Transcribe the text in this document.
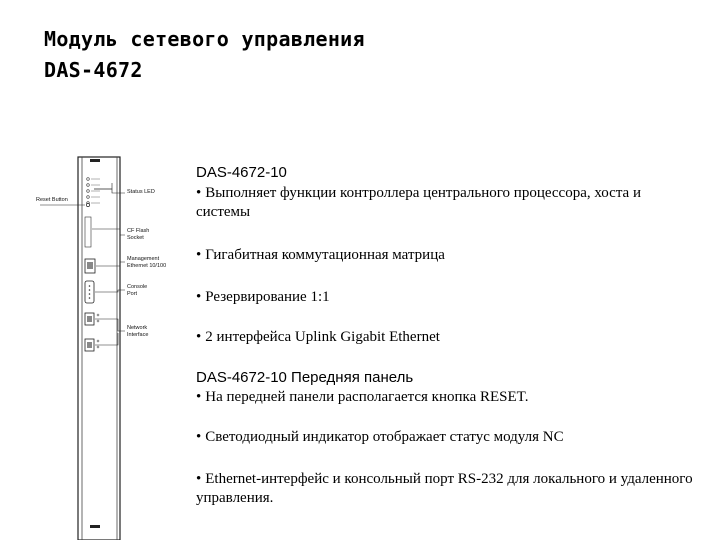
Модуль сетевого управления
DAS-4672
Reset Button
Status LED
CF Flash
Socket
Management
Ethernet 10/100
Console
Port
Network
Interface
DAS-4672-10
• Выполняет функции контроллера центрального процессора, хоста и системы
• Гигабитная коммутационная матрица
• Резервирование 1:1
• 2 интерфейса Uplink Gigabit Ethernet
DAS-4672-10 Передняя панель
• На передней панели располагается кнопка RESET.
• Светодиодный индикатор отображает статус модуля NC
• Ethernet-интерфейс и консольный порт RS-232 для локального и удаленного управления.
